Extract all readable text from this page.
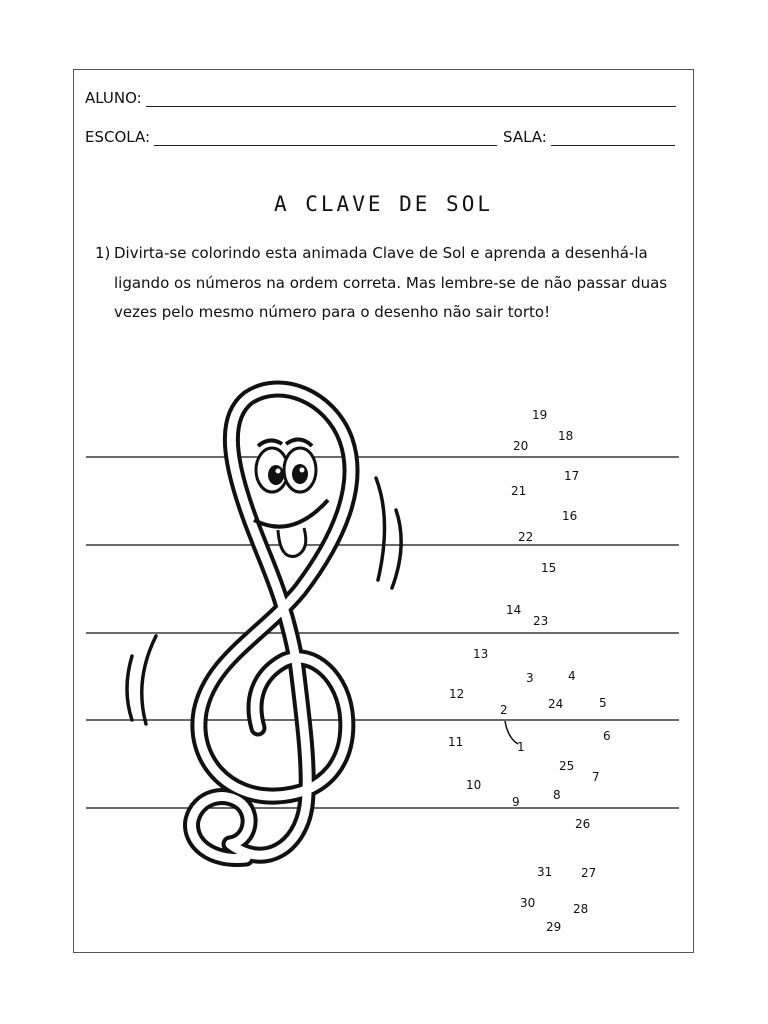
ALUNO:
ESCOLA:	SALA:
A CLAVE DE SOL
1) Divirta-se colorindo esta animada Clave de Sol e aprenda a desenhá-la ligando os números na ordem correta. Mas lembre-se de não passar duas vezes pelo mesmo número para o desenho não sair torto!
1
2
3	4
5
6
7
8
9
10
11
12
13
14
15
16
17
18
19
20
21
22
23
24
25
26
27
28
29
30
31
